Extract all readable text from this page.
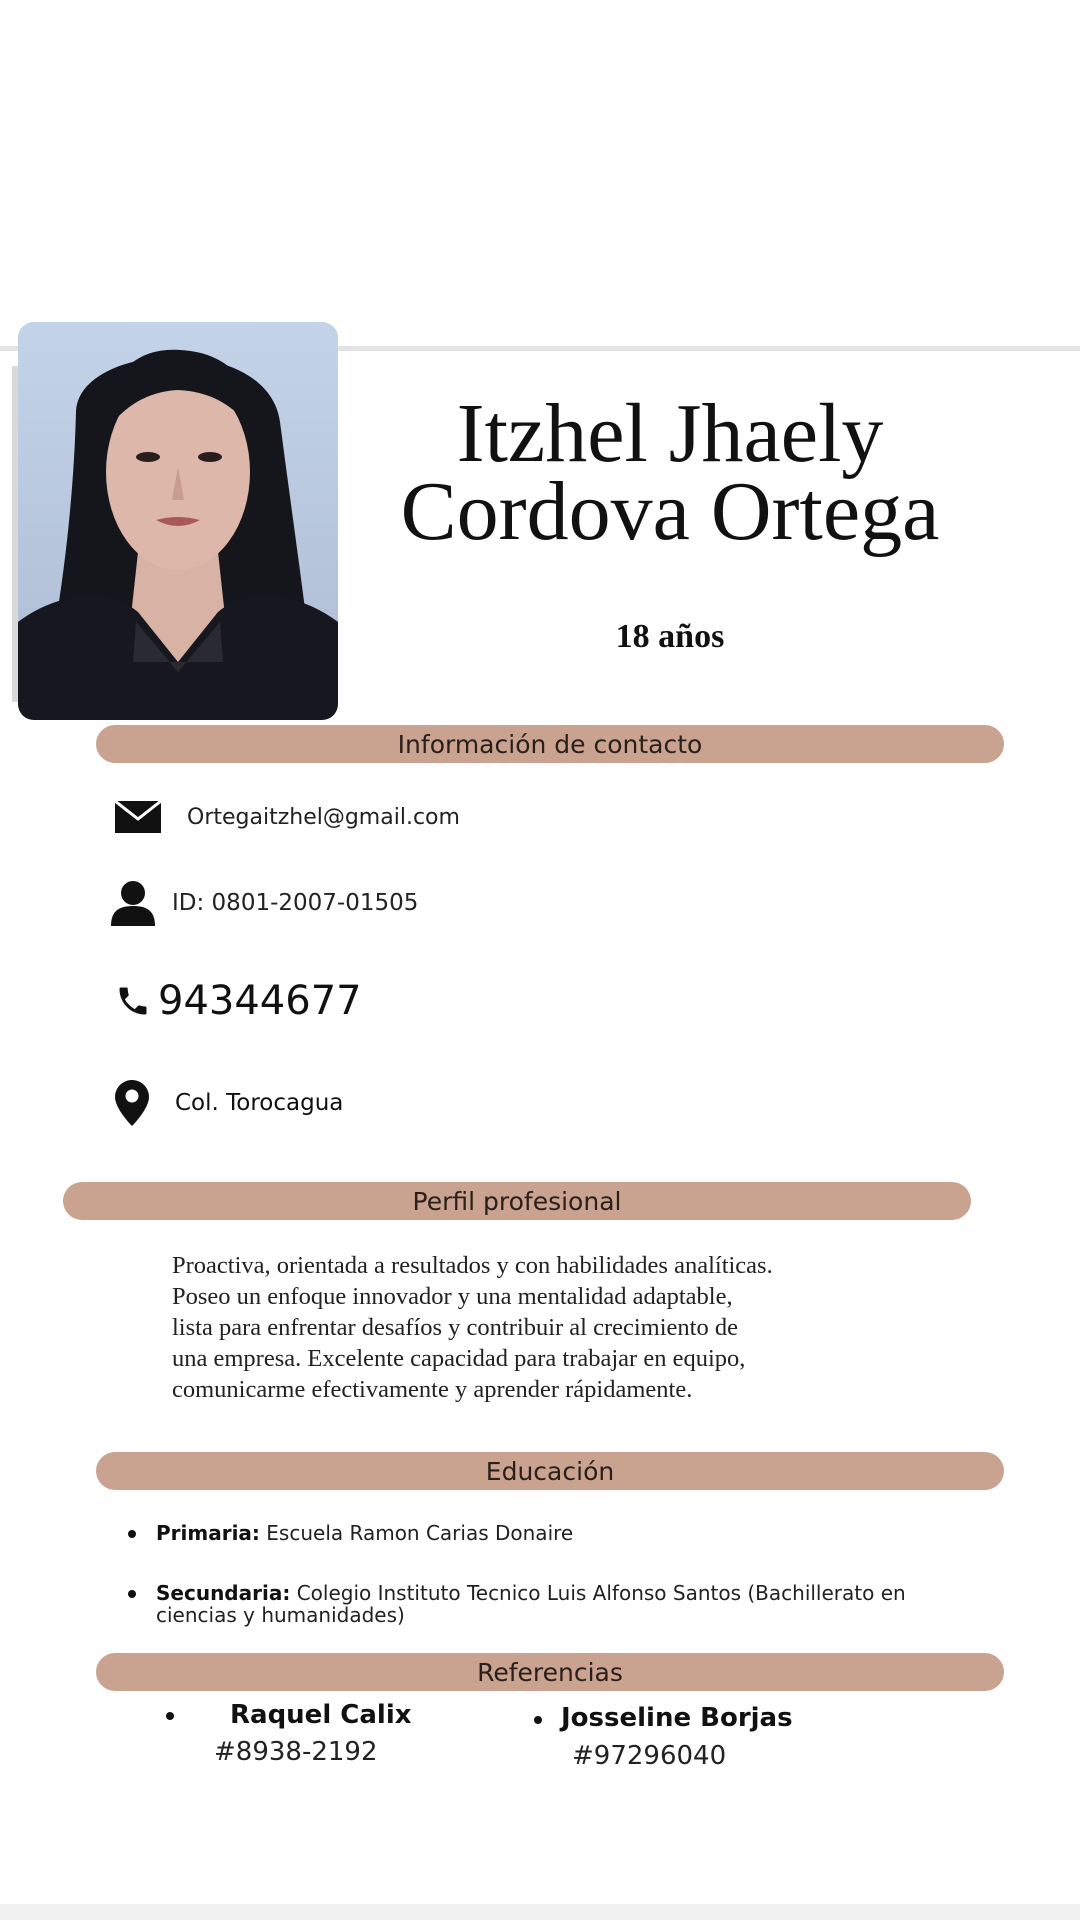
Itzhel Jhaely
Cordova Ortega
18 años
Información de contacto
Ortegaitzhel@gmail.com
ID: 0801-2007-01505
94344677
Col. Torocagua
Perfil profesional
Proactiva, orientada a resultados y con habilidades analíticas.
Poseo un enfoque innovador y una mentalidad adaptable,
lista para enfrentar desafíos y contribuir al crecimiento de
una empresa. Excelente capacidad para trabajar en equipo,
comunicarme efectivamente y aprender rápidamente.
Educación
Primaria: Escuela Ramon Carias Donaire
Secundaria: Colegio Instituto Tecnico Luis Alfonso Santos (Bachillerato en ciencias y humanidades)
Referencias
Raquel Calix
#8938-2192
Josseline Borjas
#97296040
